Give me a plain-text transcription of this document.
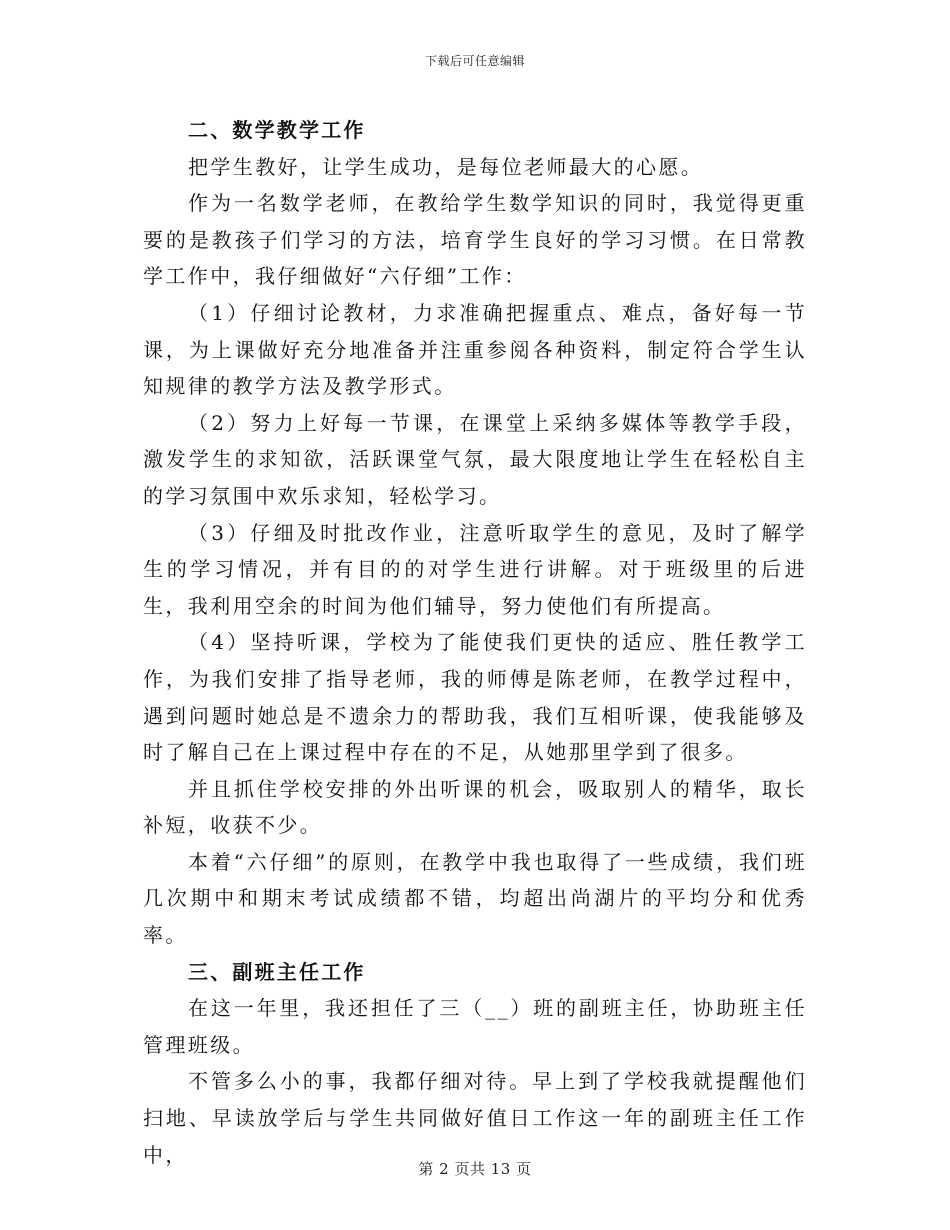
下载后可任意编辑

二、数学教学工作

把学生教好，让学生成功，是每位老师最大的心愿。

作为一名数学老师，在教给学生数学知识的同时，我觉得更重要的是教孩子们学习的方法，培育学生良好的学习习惯。在日常教学工作中，我仔细做好“六仔细”工作：

（1）仔细讨论教材，力求准确把握重点、难点，备好每一节课，为上课做好充分地准备并注重参阅各种资料，制定符合学生认知规律的教学方法及教学形式。

（2）努力上好每一节课，在课堂上采纳多媒体等教学手段，激发学生的求知欲，活跃课堂气氛，最大限度地让学生在轻松自主的学习氛围中欢乐求知，轻松学习。

（3）仔细及时批改作业，注意听取学生的意见，及时了解学生的学习情况，并有目的的对学生进行讲解。对于班级里的后进生，我利用空余的时间为他们辅导，努力使他们有所提高。

（4）坚持听课，学校为了能使我们更快的适应、胜任教学工作，为我们安排了指导老师，我的师傅是陈老师，在教学过程中，遇到问题时她总是不遗余力的帮助我，我们互相听课，使我能够及时了解自己在上课过程中存在的不足，从她那里学到了很多。

并且抓住学校安排的外出听课的机会，吸取别人的精华，取长补短，收获不少。

本着“六仔细”的原则，在教学中我也取得了一些成绩，我们班几次期中和期末考试成绩都不错，均超出尚湖片的平均分和优秀率。

三、副班主任工作

在这一年里，我还担任了三（__）班的副班主任，协助班主任管理班级。

不管多么小的事，我都仔细对待。早上到了学校我就提醒他们扫地、早读放学后与学生共同做好值日工作这一年的副班主任工作中，

第 2 页共 13 页
